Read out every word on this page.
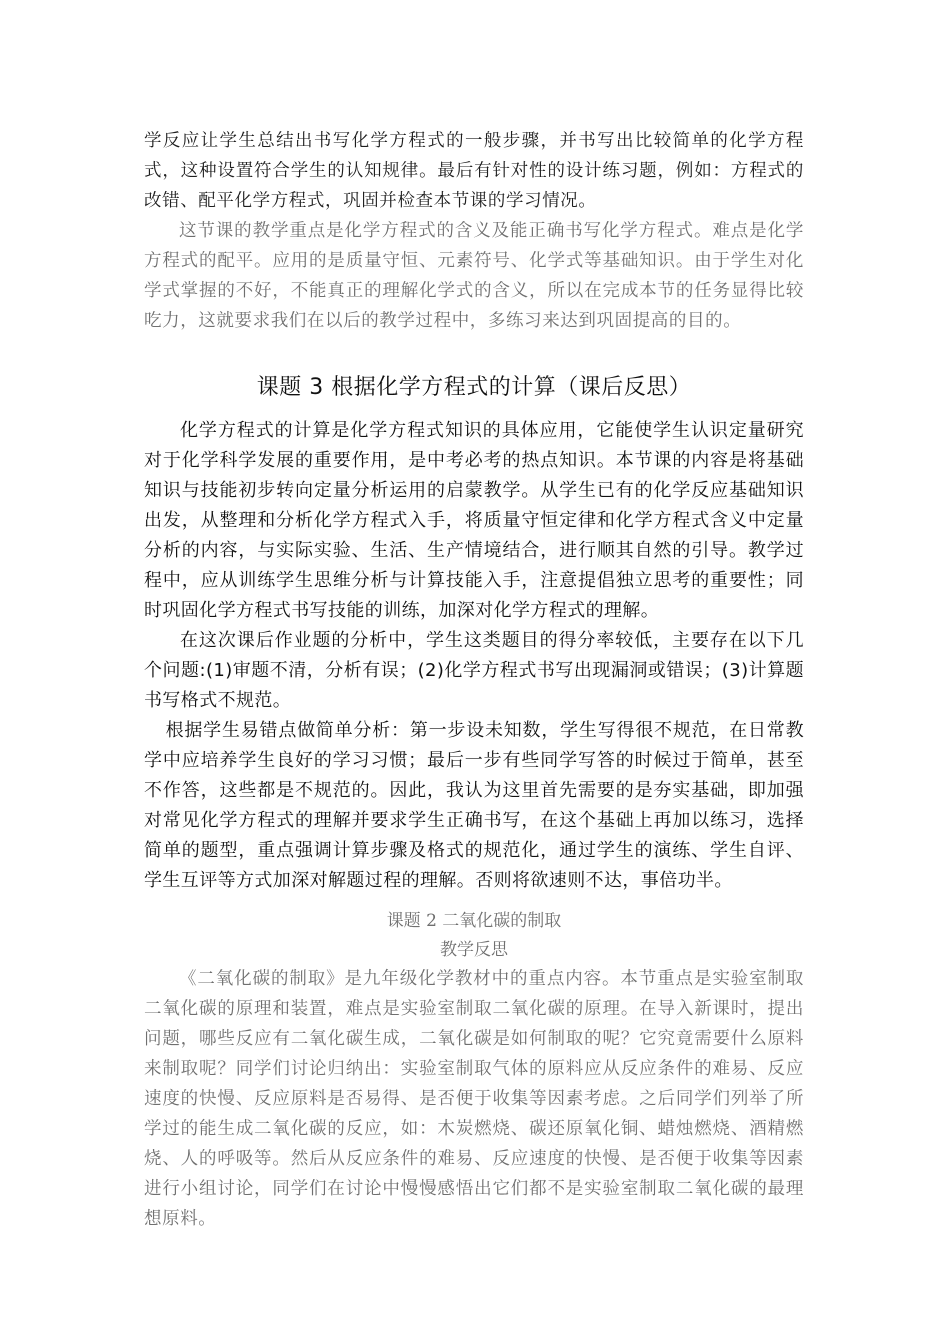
学反应让学生总结出书写化学方程式的一般步骤，并书写出比较简单的化学方程式，这种设置符合学生的认知规律。最后有针对性的设计练习题，例如：方程式的改错、配平化学方程式，巩固并检查本节课的学习情况。

这节课的教学重点是化学方程式的含义及能正确书写化学方程式。难点是化学方程式的配平。应用的是质量守恒、元素符号、化学式等基础知识。由于学生对化学式掌握的不好，不能真正的理解化学式的含义，所以在完成本节的任务显得比较吃力，这就要求我们在以后的教学过程中，多练习来达到巩固提高的目的。

课题 3 根据化学方程式的计算（课后反思）

化学方程式的计算是化学方程式知识的具体应用，它能使学生认识定量研究对于化学科学发展的重要作用，是中考必考的热点知识。本节课的内容是将基础知识与技能初步转向定量分析运用的启蒙教学。从学生已有的化学反应基础知识出发，从整理和分析化学方程式入手，将质量守恒定律和化学方程式含义中定量分析的内容，与实际实验、生活、生产情境结合，进行顺其自然的引导。教学过程中，应从训练学生思维分析与计算技能入手，注意提倡独立思考的重要性；同时巩固化学方程式书写技能的训练，加深对化学方程式的理解。

在这次课后作业题的分析中，学生这类题目的得分率较低，主要存在以下几个问题:(1)审题不清，分析有误；(2)化学方程式书写出现漏洞或错误；(3)计算题书写格式不规范。

根据学生易错点做简单分析：第一步设未知数，学生写得很不规范，在日常教学中应培养学生良好的学习习惯；最后一步有些同学写答的时候过于简单，甚至不作答，这些都是不规范的。因此，我认为这里首先需要的是夯实基础，即加强对常见化学方程式的理解并要求学生正确书写，在这个基础上再加以练习，选择简单的题型，重点强调计算步骤及格式的规范化，通过学生的演练、学生自评、学生互评等方式加深对解题过程的理解。否则将欲速则不达，事倍功半。

课题 2 二氧化碳的制取
教学反思

《二氧化碳的制取》是九年级化学教材中的重点内容。本节重点是实验室制取二氧化碳的原理和装置，难点是实验室制取二氧化碳的原理。在导入新课时，提出问题，哪些反应有二氧化碳生成，二氧化碳是如何制取的呢？它究竟需要什么原料来制取呢？同学们讨论归纳出：实验室制取气体的原料应从反应条件的难易、反应速度的快慢、反应原料是否易得、是否便于收集等因素考虑。之后同学们列举了所学过的能生成二氧化碳的反应，如：木炭燃烧、碳还原氧化铜、蜡烛燃烧、酒精燃烧、人的呼吸等。然后从反应条件的难易、反应速度的快慢、是否便于收集等因素进行小组讨论，同学们在讨论中慢慢感悟出它们都不是实验室制取二氧化碳的最理想原料。
